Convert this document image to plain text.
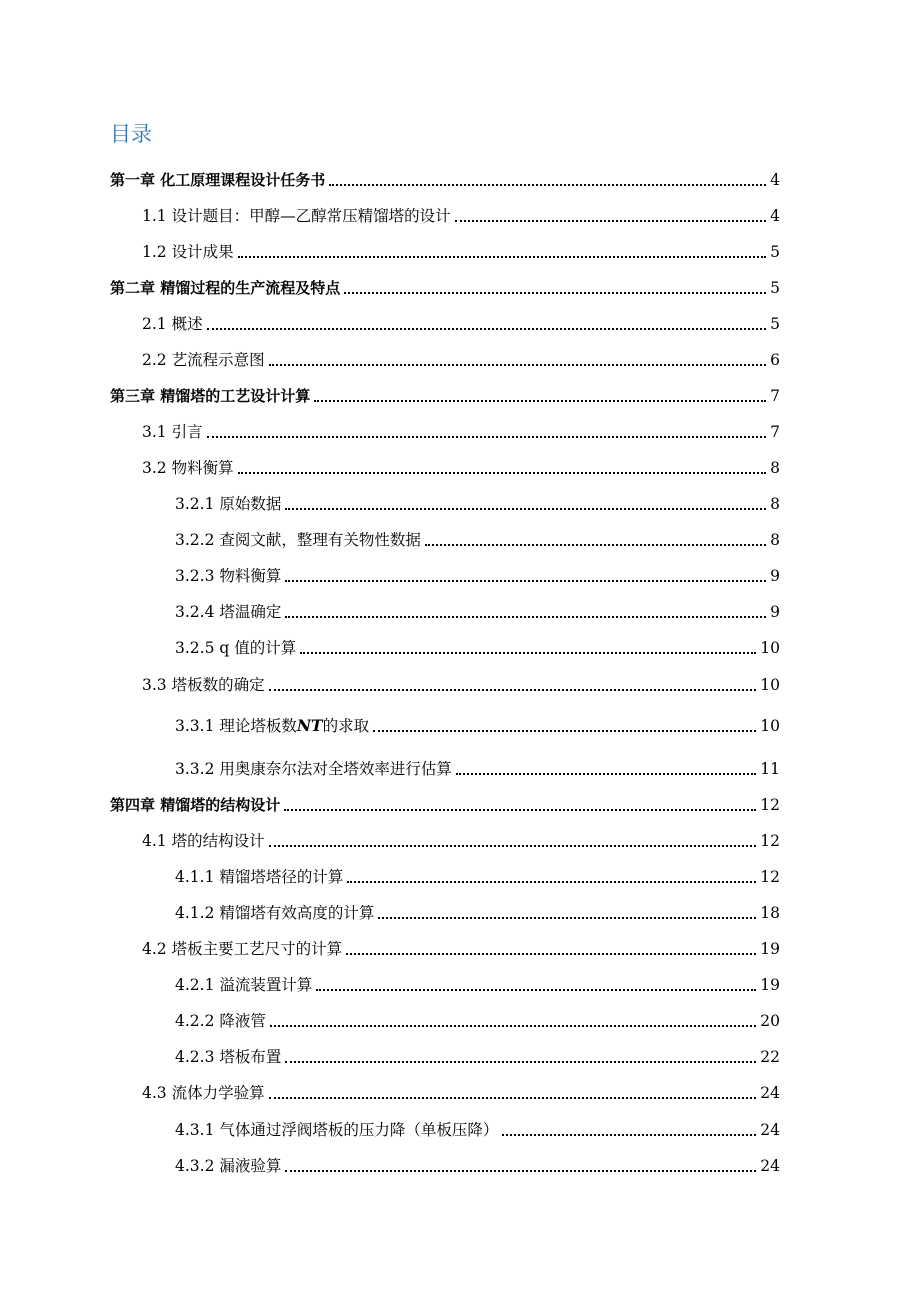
目录
第一章 化工原理课程设计任务书	4
1.1 设计题目：甲醇—乙醇常压精馏塔的设计	4
1.2 设计成果	5
第二章 精馏过程的生产流程及特点	5
2.1 概述	5
2.2 艺流程示意图	6
第三章 精馏塔的工艺设计计算	7
3.1 引言	7
3.2 物料衡算	8
3.2.1 原始数据	8
3.2.2 查阅文献，整理有关物性数据	8
3.2.3 物料衡算	9
3.2.4 塔温确定	9
3.2.5 q 值的计算	10
3.3 塔板数的确定	10
3.3.1 理论塔板数NT的求取	10
3.3.2 用奥康奈尔法对全塔效率进行估算	11
第四章 精馏塔的结构设计	12
4.1 塔的结构设计	12
4.1.1 精馏塔塔径的计算	12
4.1.2 精馏塔有效高度的计算	18
4.2 塔板主要工艺尺寸的计算	19
4.2.1 溢流装置计算	19
4.2.2 降液管	20
4.2.3 塔板布置	22
4.3 流体力学验算	24
4.3.1 气体通过浮阀塔板的压力降（单板压降）	24
4.3.2 漏液验算	24
